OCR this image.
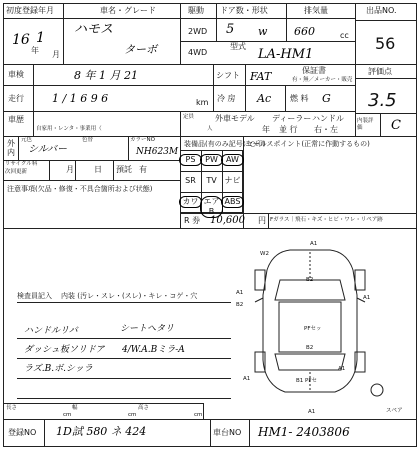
初度登録年月
16 1
年 月
車名・グレード
ハモス
ターボ
駆動
2WD
4WD
ドア数・形状
5 w
排気量
660	cc
型式
LA-HM1
出品NO.
56
車検	8 年 1 月 21
走行	1 / 1 6 9 6	km
シフト FAT	保証書
有・無／メーカー・販売
冷 房 Ac 燃 料 G
評価点
3.5
車歴
自家用・レンタ・事業用（
定員
人
外車モデル
年
ディーラー
並 行
ハンドル
右・左
内装評価	C
外
内
元色	色替
シルバー
カラーNO
NH623M
リサイクル料
次回更新	月	日 預託 有
注意事項(欠品・修復・不具合箇所および状態)
装備品(有のみ記号に○印)
セールスポイント(正常に作動するもの)
R 券 10,600 円 Fガラス｜飛石・キズ・ヒビ・ワレ・リペア跡
検査員記入 内装 (汚レ・スレ・(スレ)・キレ・コゲ・穴
ハンドルリバ	シートへタリ
ダッシュ板ソリドア 4/W.A.Bミラ-A
ラズ.B.ボ.シッラ
W2
A1
A1
B2
A1
B2
PFセッ
B2
A1
A1
B1 PFセ
A1	スペア
長さ
cm
幅
cm
高さ
cm
登録NO 1D試 580 ネ 424	車台NO HM1- 2403806
PS	PW	AW
SR	TV ナビ
カワ エアB
ABS
